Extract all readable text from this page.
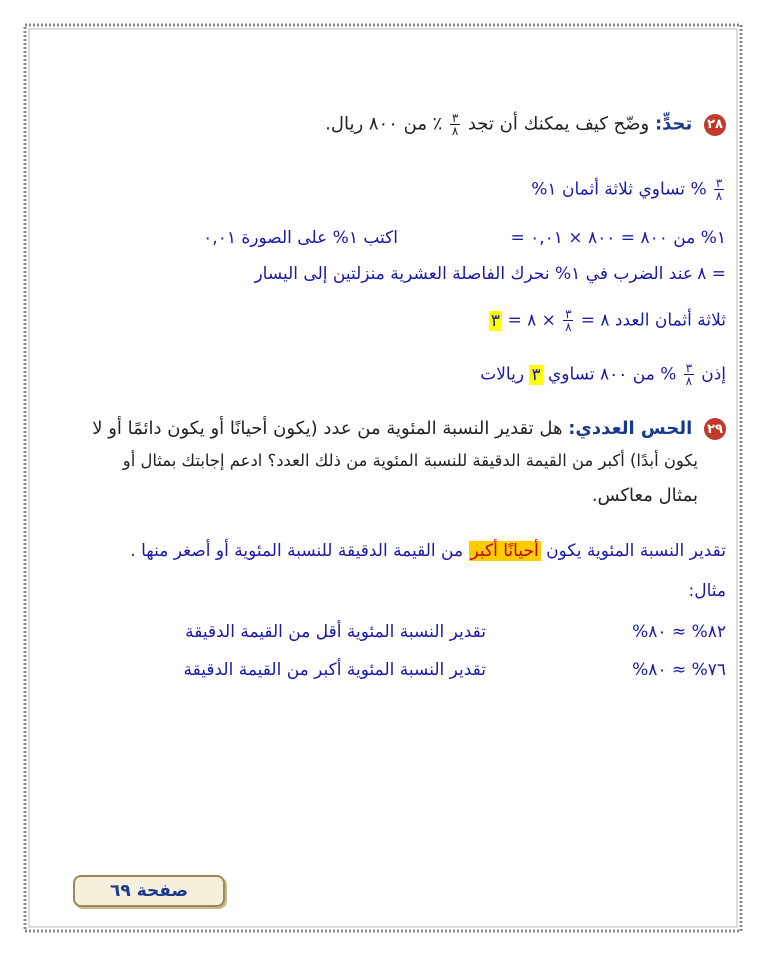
٢٨ تحدٍّ: وضّح كيف يمكنك أن تجد
$\frac{٣}{٨}$
٪ من ٨٠٠ ريال.
$\frac{٣}{٨}$
% تساوي ثلاثة أثمان ١%
١% من ٨٠٠ = ٨٠٠ × ٠,٠١ =
اكتب ١% على الصورة ٠,٠١
= ٨
عند الضرب في ١% نحرك الفاصلة العشرية منزلتين إلى اليسار
ثلاثة أثمان العدد ٨ =
$\frac{٣}{٨}$
× ٨ = ٣
إذن
$\frac{٣}{٨}$
% من ٨٠٠ تساوي ٣ ريالات
٢٩ الحس العددي: هل تقدير النسبة المئوية من عدد (يكون أحيانًا أو يكون دائمًا أو لا
يكون أبدًا) أكبر من القيمة الدقيقة للنسبة المئوية من ذلك العدد؟ ادعم إجابتك بمثال أو
بمثال معاكس.
تقدير النسبة المئوية يكون أحيانًا أكبر من القيمة الدقيقة للنسبة المئوية أو أصغر منها .
مثال:
٨٢% ≈ ٨٠%
تقدير النسبة المئوية أقل من القيمة الدقيقة
٧٦% ≈ ٨٠%
تقدير النسبة المئوية أكبر من القيمة الدقيقة
صفحة ٦٩
